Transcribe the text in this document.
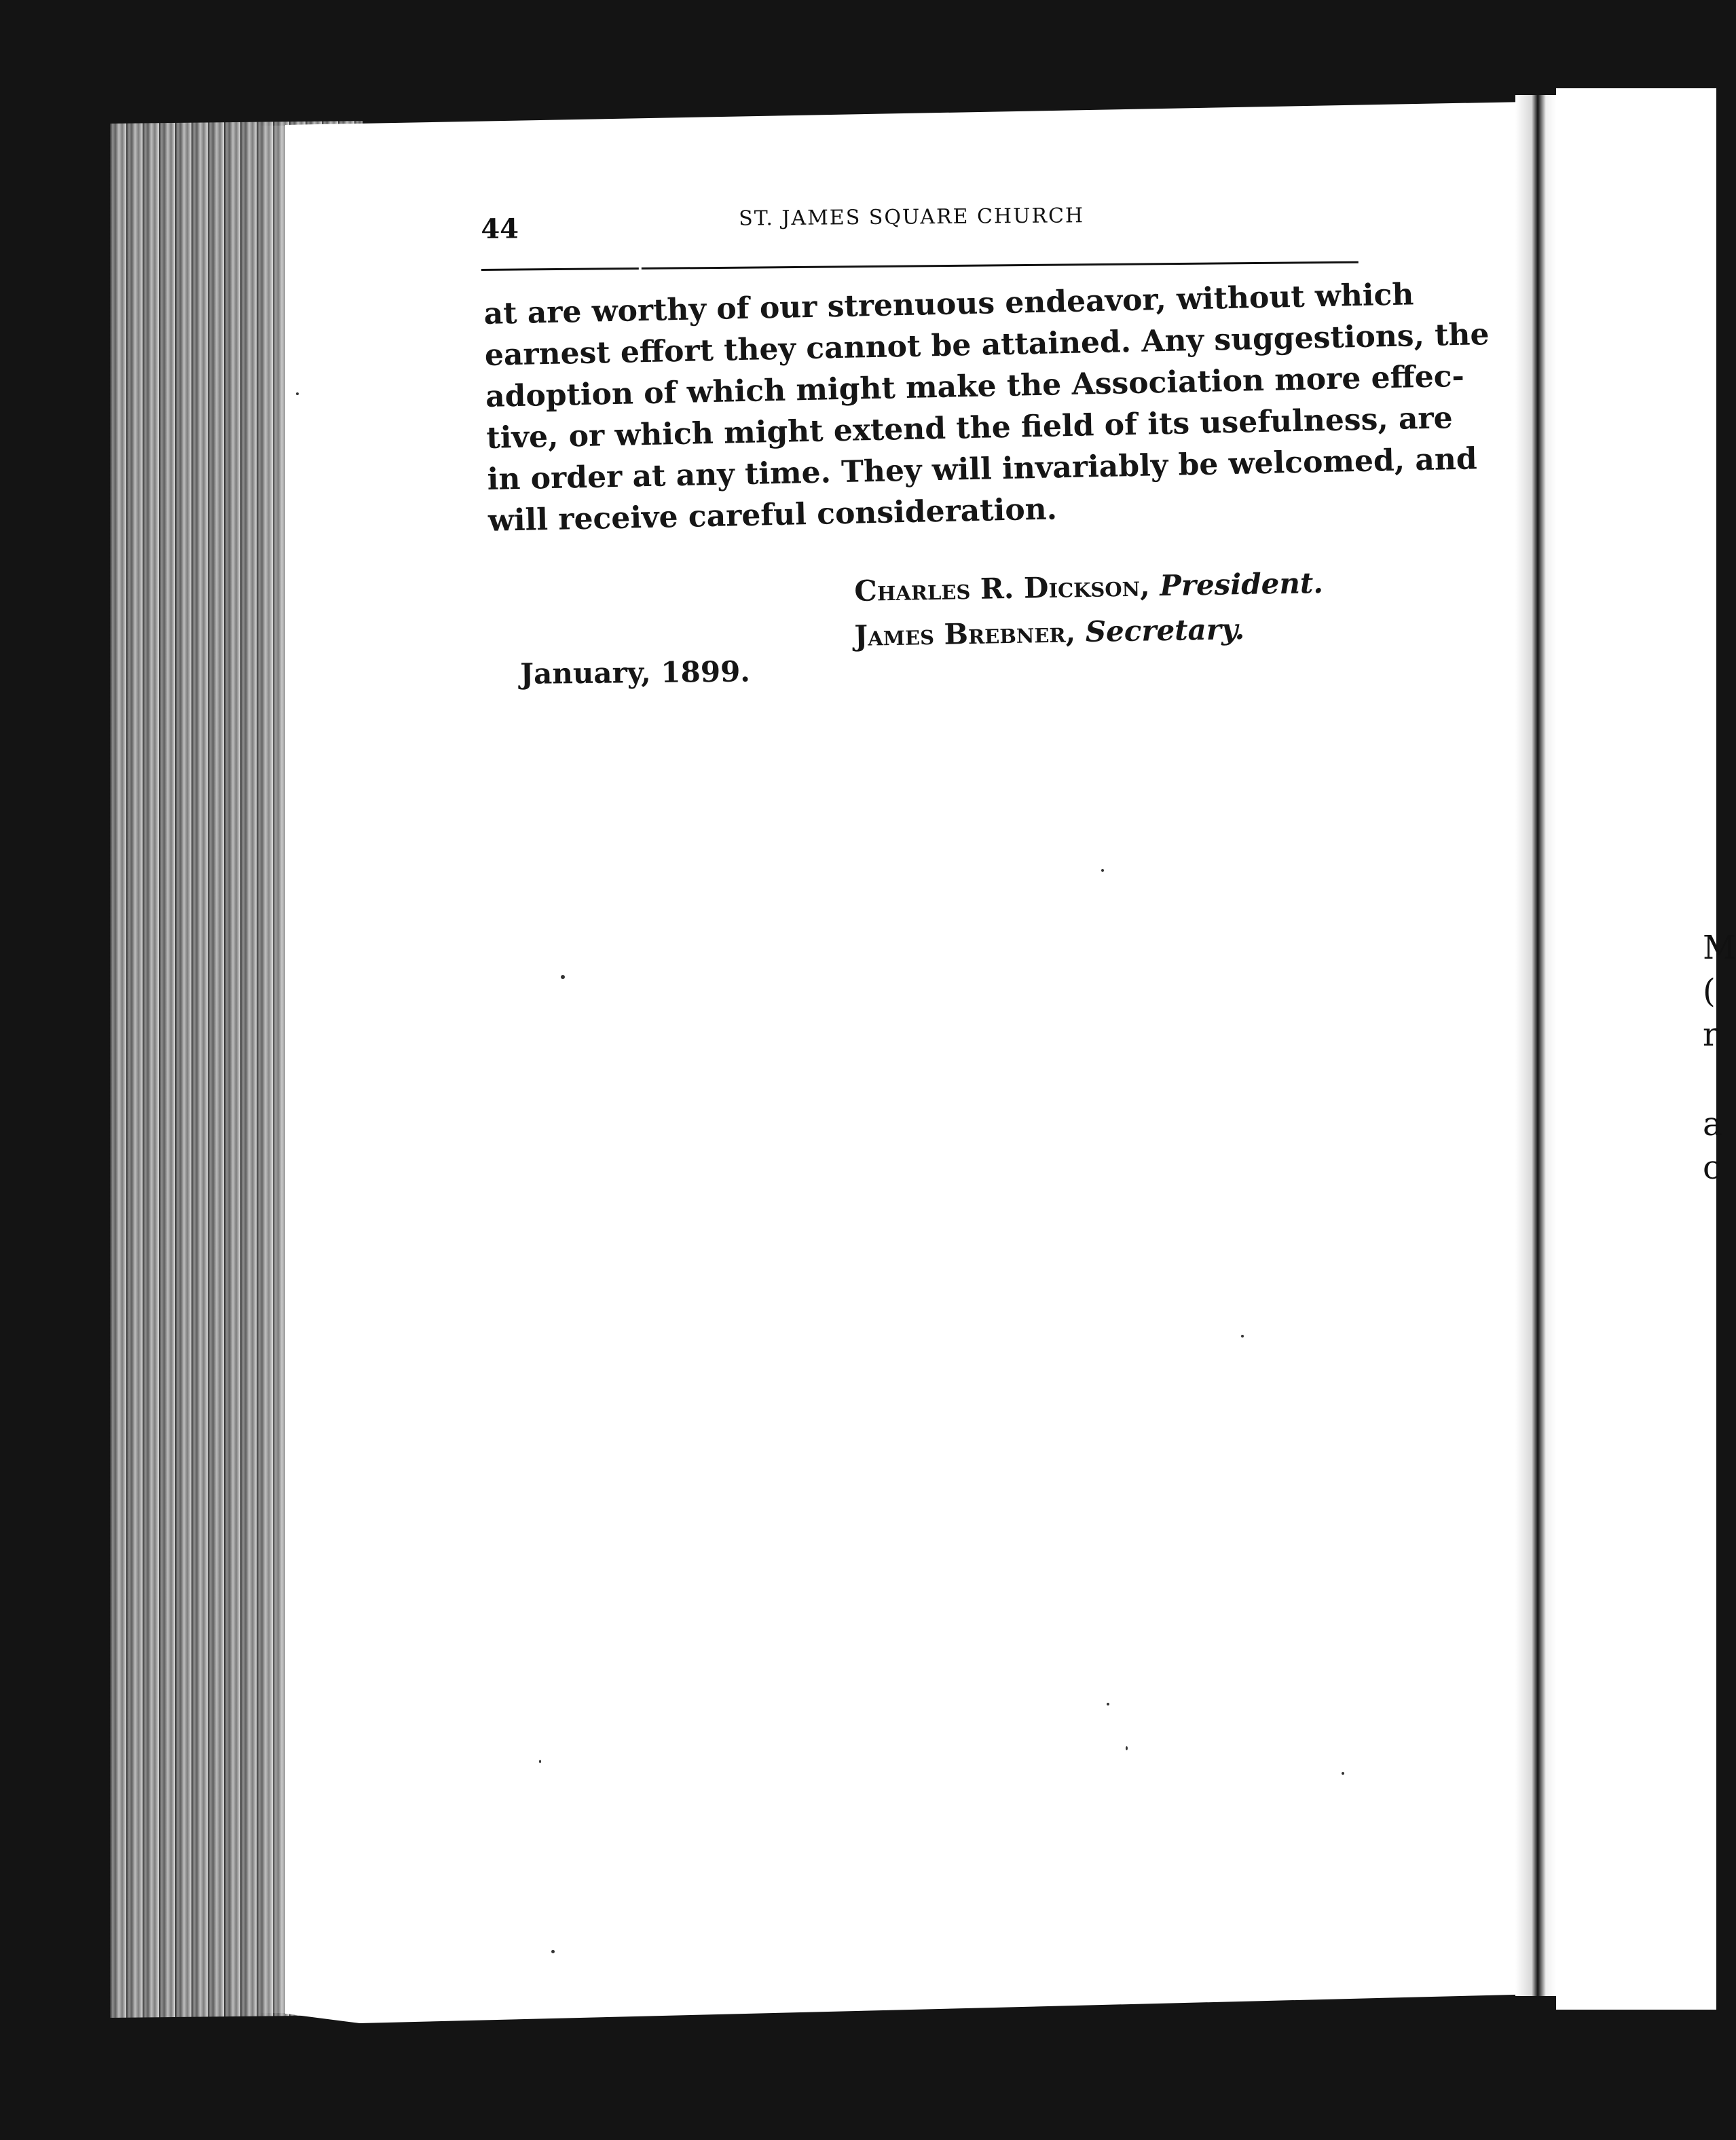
M
(
r
a
c
44	ST. JAMES SQUARE CHURCH
at are worthy of our strenuous endeavor, without which
earnest effort they cannot be attained. Any suggestions, the
adoption of which might make the Association more effec-
tive, or which might extend the field of its usefulness, are
in order at any time. They will invariably be welcomed, and
will receive careful consideration.
Charles R. Dickson, President.
James Brebner, Secretary.
January, 1899.
